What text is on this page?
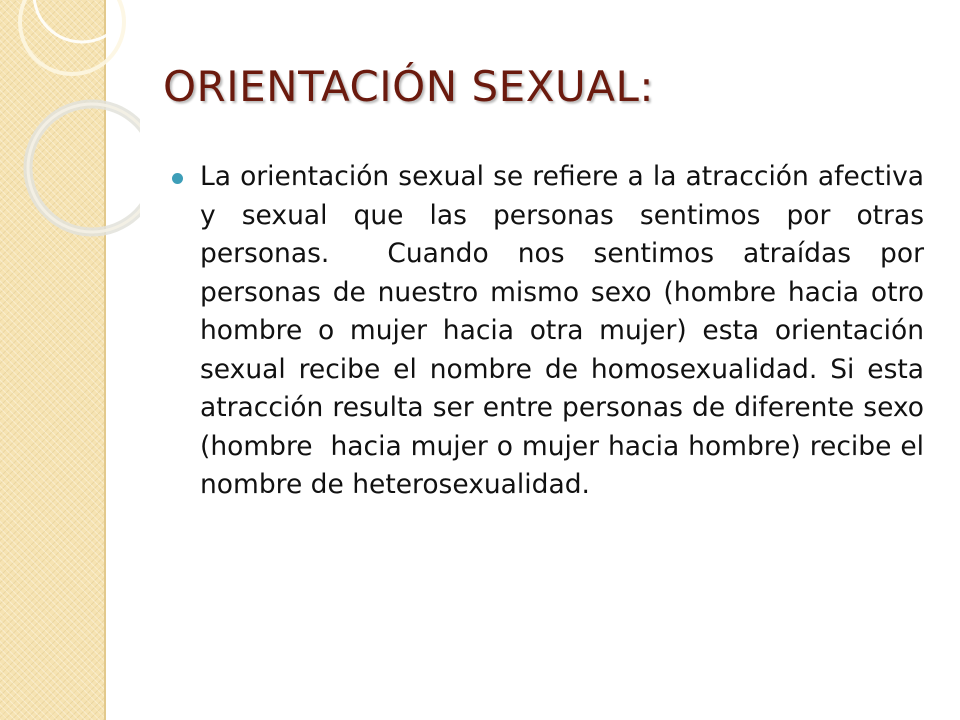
ORIENTACIÓN SEXUAL:
La orientación sexual se refiere a la atracción afectiva y sexual que las personas sentimos por otras personas.  Cuando nos sentimos atraídas por personas de nuestro mismo sexo (hombre hacia otro hombre o mujer hacia otra mujer) esta orientación sexual recibe el nombre de homosexualidad. Si esta atracción resulta ser entre personas de diferente sexo (hombre  hacia mujer o mujer hacia hombre) recibe el nombre de heterosexualidad.
